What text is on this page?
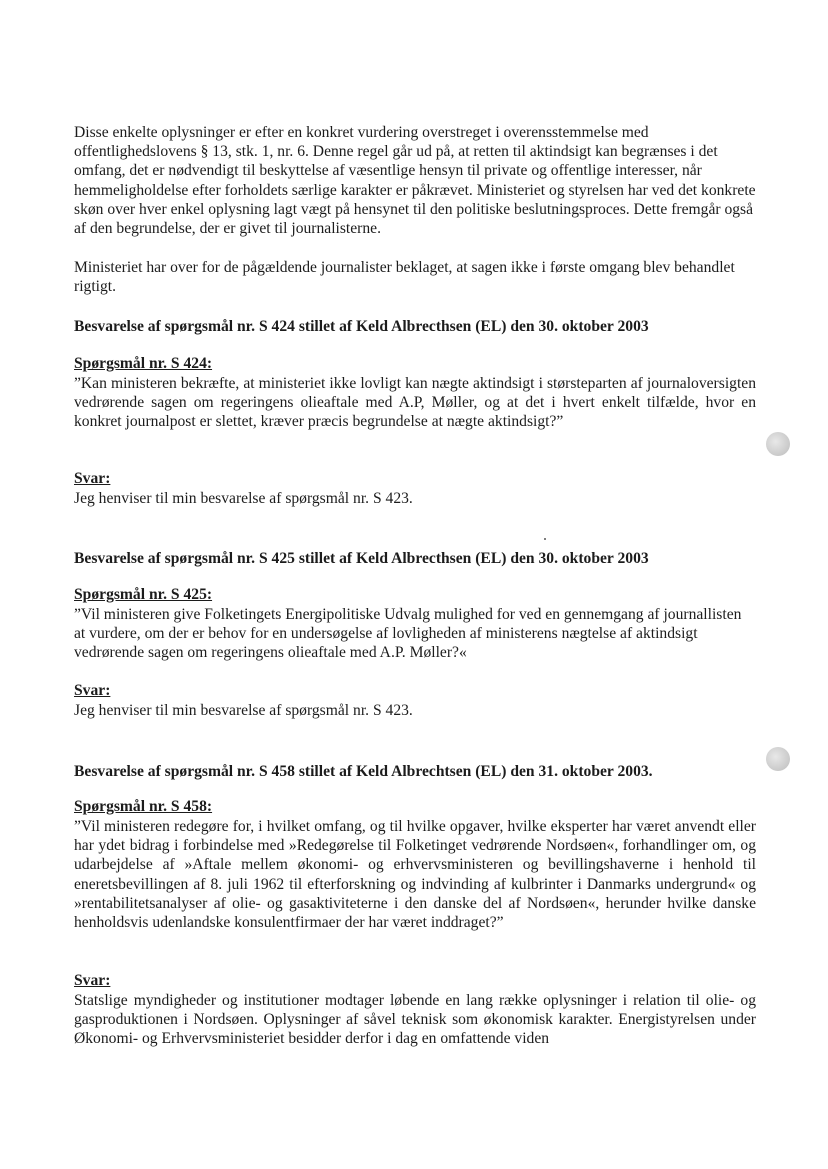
Disse enkelte oplysninger er efter en konkret vurdering overstreget i overensstemmelse med offentlighedslovens § 13, stk. 1, nr. 6. Denne regel går ud på, at retten til aktindsigt kan begrænses i det omfang, det er nødvendigt til beskyttelse af væsentlige hensyn til private og offentlige interesser, når hemmeligholdelse efter forholdets særlige karakter er påkrævet. Ministeriet og styrelsen har ved det konkrete skøn over hver enkel oplysning lagt vægt på hensynet til den politiske beslutningsproces. Dette fremgår også af den begrundelse, der er givet til journalisterne.

Ministeriet har over for de pågældende journalister beklaget, at sagen ikke i første omgang blev behandlet rigtigt.

Besvarelse af spørgsmål nr. S 424 stillet af Keld Albrecthsen (EL) den 30. oktober 2003
Spørgsmål nr. S 424:

”Kan ministeren bekræfte, at ministeriet ikke lovligt kan nægte aktindsigt i størsteparten af journaloversigten vedrørende sagen om regeringens olieaftale med A.P, Møller, og at det i hvert enkelt tilfælde, hvor en konkret journalpost er slettet, kræver præcis begrundelse at nægte aktindsigt?”

Svar:

Jeg henviser til min besvarelse af spørgsmål nr. S 423.

Besvarelse af spørgsmål nr. S 425 stillet af Keld Albrecthsen (EL) den 30. oktober 2003
Spørgsmål nr. S 425:

”Vil ministeren give Folketingets Energipolitiske Udvalg mulighed for ved en gennemgang af journallisten at vurdere, om der er behov for en undersøgelse af lovligheden af ministerens nægtelse af aktindsigt vedrørende sagen om regeringens olieaftale med A.P. Møller?«

Svar:

Jeg henviser til min besvarelse af spørgsmål nr. S 423.

Besvarelse af spørgsmål nr. S 458 stillet af Keld Albrechtsen (EL) den 31. oktober 2003.
Spørgsmål nr. S 458:

”Vil ministeren redegøre for, i hvilket omfang, og til hvilke opgaver, hvilke eksperter har været anvendt eller har ydet bidrag i forbindelse med »Redegørelse til Folketinget vedrørende Nordsøen«, forhandlinger om, og udarbejdelse af »Aftale mellem økonomi- og erhvervsministeren og bevillingshaverne i henhold til eneretsbevillingen af 8. juli 1962 til efterforskning og indvinding af kulbrinter i Danmarks undergrund« og »rentabilitetsanalyser af olie- og gasaktiviteterne i den danske del af Nordsøen«, herunder hvilke danske henholdsvis udenlandske konsulentfirmaer der har været inddraget?”

Svar:

Statslige myndigheder og institutioner modtager løbende en lang række oplysninger i relation til olie- og gasproduktionen i Nordsøen. Oplysninger af såvel teknisk som økonomisk karakter. Energistyrelsen under Økonomi- og Erhvervsministeriet besidder derfor i dag en omfattende viden
